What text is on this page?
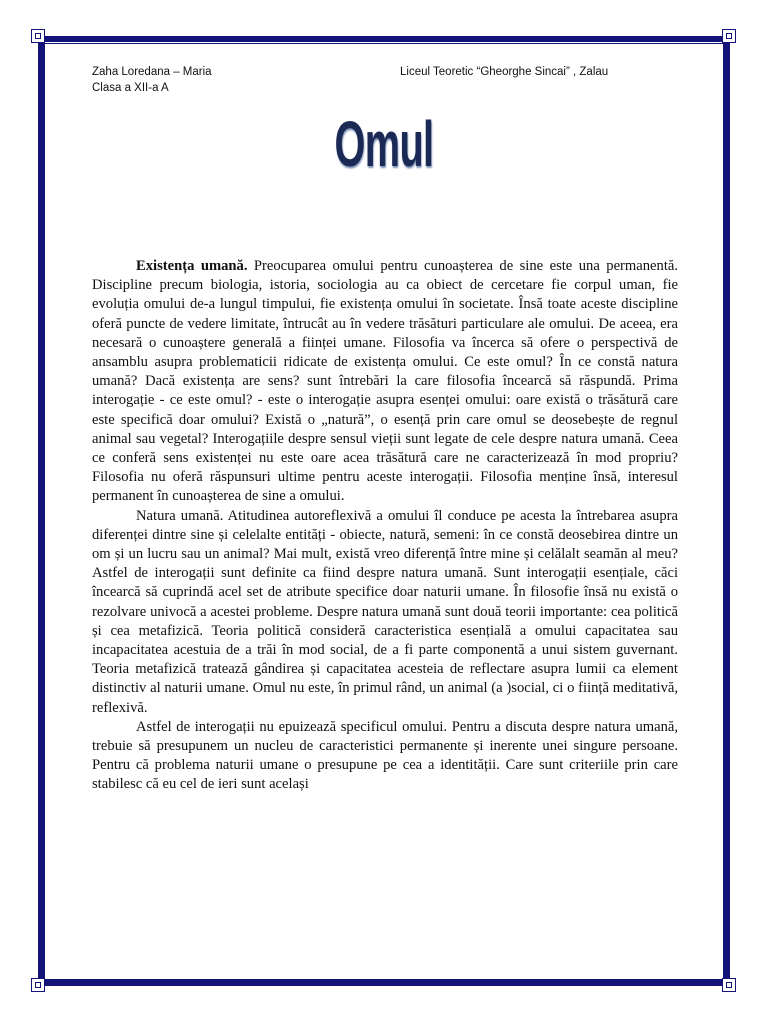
Zaha Loredana – Maria
Clasa a XII-a A
Liceul Teoretic “Gheorghe Sincai” , Zalau
Omul

Existența umană. Preocuparea omului pentru cunoașterea de sine este una permanentă. Discipline precum biologia, istoria, sociologia au ca obiect de cercetare fie corpul uman, fie evoluția omului de-a lungul timpului, fie existența omului în societate. Însă toate aceste discipline oferă puncte de vedere limitate, întrucât au în vedere trăsături particulare ale omului. De aceea, era necesară o cunoaștere generală a ființei umane. Filosofia va încerca să ofere o perspectivă de ansamblu asupra problematicii ridicate de existența omului. Ce este omul? În ce constă natura umană? Dacă existența are sens? sunt întrebări la care filosofia încearcă să răspundă. Prima interogație - ce este omul? - este o interogație asupra esenței omului: oare există o trăsătură care este specifică doar omului? Există o „natură”, o esență prin care omul se deosebește de regnul animal sau vegetal? Interogațiile despre sensul vieții sunt legate de cele despre natura umană. Ceea ce conferă sens existenței nu este oare acea trăsătură care ne caracterizează în mod propriu? Filosofia nu oferă răspunsuri ultime pentru aceste interogații. Filosofia menține însă, interesul permanent în cunoașterea de sine a omului.

Natura umană. Atitudinea autoreflexivă a omului îl conduce pe acesta la întrebarea asupra diferenței dintre sine și celelalte entități - obiecte, natură, semeni: în ce constă deosebirea dintre un om și un lucru sau un animal? Mai mult, există vreo diferență între mine și celălalt seamăn al meu? Astfel de interogații sunt definite ca fiind despre natura umană. Sunt interogații esențiale, căci încearcă să cuprindă acel set de atribute specifice doar naturii umane. În filosofie însă nu există o rezolvare univocă a acestei probleme. Despre natura umană sunt două teorii importante: cea politică și cea metafizică. Teoria politică consideră caracteristica esențială a omului capacitatea sau incapacitatea acestuia de a trăi în mod social, de a fi parte componentă a unui sistem guvernant. Teoria metafizică tratează gândirea și capacitatea acesteia de reflectare asupra lumii ca element distinctiv al naturii umane. Omul nu este, în primul rând, un animal (a )social, ci o ființă meditativă, reflexivă.

Astfel de interogații nu epuizează specificul omului. Pentru a discuta despre natura umană, trebuie să presupunem un nucleu de caracteristici permanente și inerente unei singure persoane. Pentru că problema naturii umane o presupune pe cea a identității. Care sunt criteriile prin care stabilesc că eu cel de ieri sunt același
